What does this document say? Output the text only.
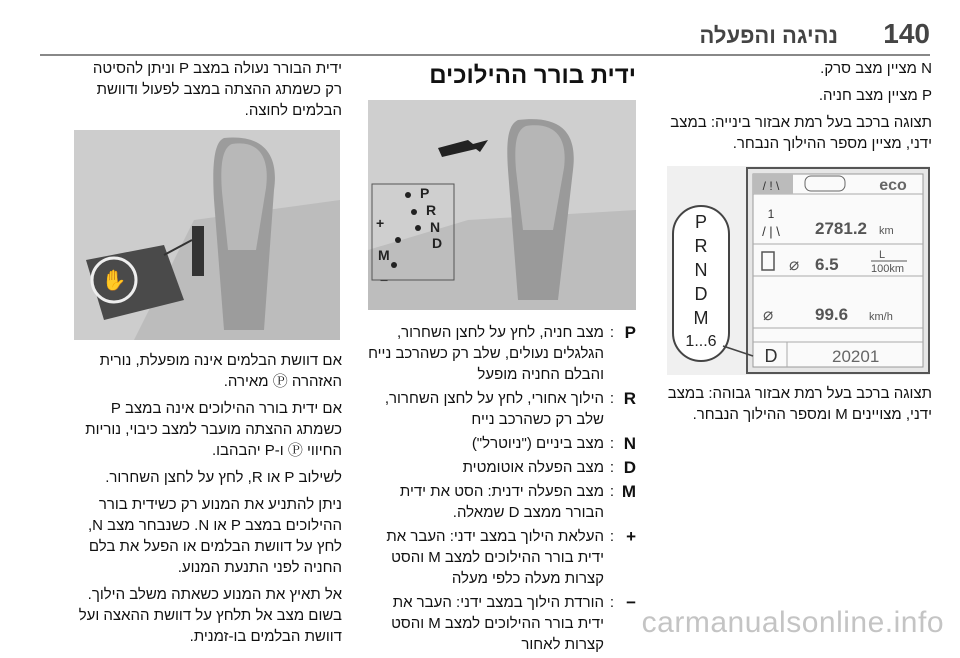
140
נהיגה והפעלה

N מציין מצב סרק.

P מציין מצב חניה.

תצוגה ברכב בעל רמת אבזור בינייה: במצב ידני, מציין מספר ההילוך הנבחר.

/ ! \	eco
1
/ | \ 2781.2 km
⌀ 6.5	L
100km
⌀ 99.6 km/h
D	20201
P
R
N
D
M
1...6

תצוגה ברכב בעל רמת אבזור גבוהה: במצב ידני, מצויינים M ומספר ההילוך הנבחר.

ידית בורר ההילוכים
P
R
N
D
M
+
−
P
:
מצב חניה, לחץ על לחצן השחרור, הגלגלים נעולים, שלב רק כשהרכב נייח והבלם החניה מופעל
R
:
הילוך אחורי, לחץ על לחצן השחרור, שלב רק כשהרכב נייח
N
:
מצב ביניים ("ניוטרל")
D
:
מצב הפעלה אוטומטית
M
:
מצב הפעלה ידנית: הסט את ידית הבורר ממצב D שמאלה.
+
:
העלאת הילוך במצב ידני: העבר את ידית בורר ההילוכים למצב M והסט קצרות מעלה כלפי מעלה
−
:
הורדת הילוך במצב ידני: העבר את ידית בורר ההילוכים למצב M והסט קצרות לאחור

ידית הבורר נעולה במצב P וניתן להסיטה רק כשמתג ההצתה במצב לפעול ודוושת הבלמים לחוצה.

✋

אם דוושת הבלמים אינה מופעלת, נורית האזהרה Ⓟ מאירה.

אם ידית בורר ההילוכים אינה במצב P כשמתג ההצתה מועבר למצב כיבוי, נוריות החיווי Ⓟ ו-P יהבהבו.

לשילוב P או R, לחץ על לחצן השחרור.

ניתן להתניע את המנוע רק כשידית בורר ההילוכים במצב P או N. כשנבחר מצב N, לחץ על דוושת הבלמים או הפעל את בלם החניה לפני התנעת המנוע.

אל תאיץ את המנוע כשאתה משלב הילוך. בשום מצב אל תלחץ על דוושת ההאצה ועל דוושת הבלמים בו-זמנית.	carmanualsonline.info
